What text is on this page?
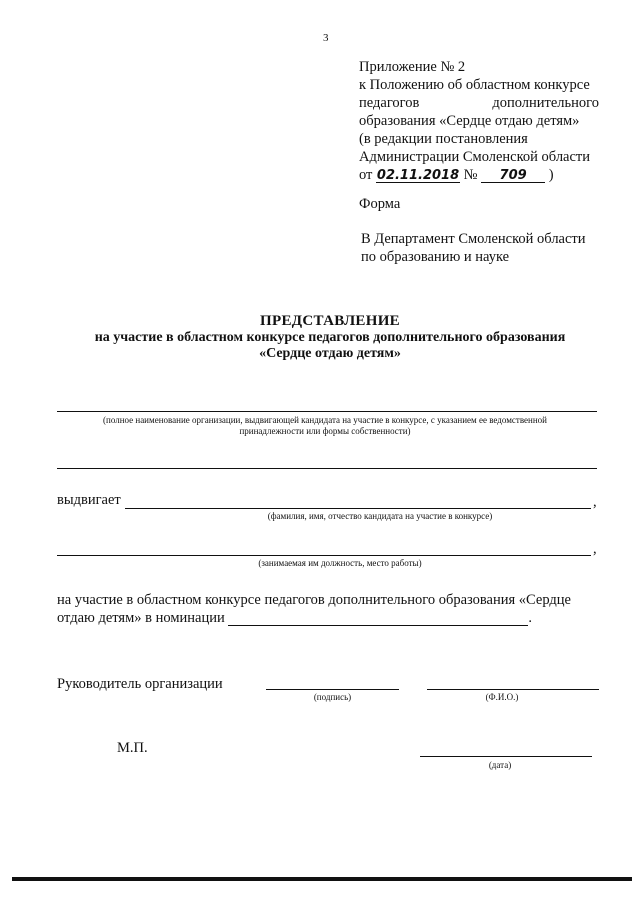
3
Приложение № 2
к Положению об областном конкурсе
педагогов	дополнительного
образования «Сердце отдаю детям»
(в редакции постановления
Администрации Смоленской области
от 02.11.2018 № 709 )
Форма
В Департамент Смоленской области
по образованию и науке
ПРЕДСТАВЛЕНИЕ
на участие в областном конкурсе педагогов дополнительного образования
«Сердце отдаю детям»
(полное наименование организации, выдвигающей кандидата на участие в конкурсе, с указанием ее ведомственной
принадлежности или формы собственности)
выдвигает	,
(фамилия, имя, отчество кандидата на участие в конкурсе)
,
(занимаемая им должность, место работы)
на участие в областном конкурсе педагогов дополнительного образования «Сердце
отдаю детям» в номинации	.
Руководитель организации
(подпись)	(Ф.И.О.)
М.П.
(дата)
